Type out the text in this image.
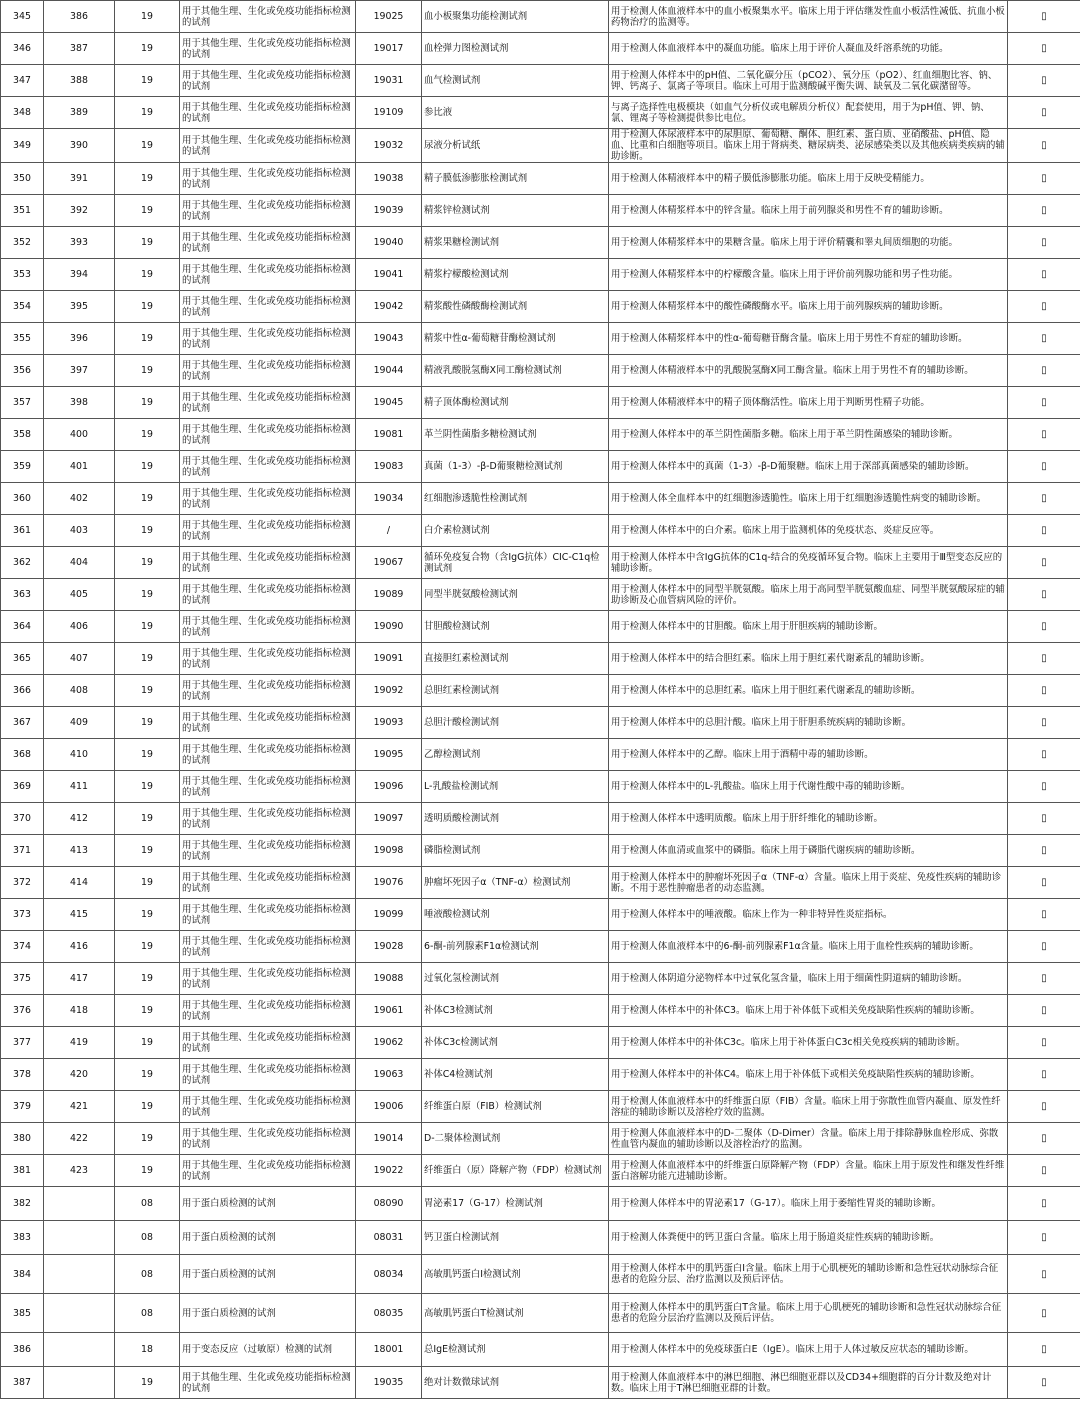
345	386	19	用于其他生理、生化或免疫功能指标检测的试剂	19025	血小板聚集功能检测试剂	用于检测人体血液样本中的血小板聚集水平。临床上用于评估继发性血小板活性减低、抗血小板药物治疗的监测等。	▯
346	387	19	用于其他生理、生化或免疫功能指标检测的试剂	19017	血栓弹力图检测试剂	用于检测人体血液样本中的凝血功能。临床上用于评价人凝血及纤溶系统的功能。	▯
347	388	19	用于其他生理、生化或免疫功能指标检测的试剂	19031	血气检测试剂	用于检测人体样本中的pH值、二氧化碳分压（pCO2）、氧分压（pO2）、红血细胞比容、钠、钾、钙离子、氯离子等项目。临床上可用于监测酸碱平衡失调、缺氧及二氧化碳潴留等。	▯
348	389	19	用于其他生理、生化或免疫功能指标检测的试剂	19109	参比液	与离子选择性电极模块（如血气分析仪或电解质分析仪）配套使用，用于为pH值、钾、钠、氯、锂离子等检测提供参比电位。	▯
349	390	19	用于其他生理、生化或免疫功能指标检测的试剂	19032	尿液分析试纸	用于检测人体尿液样本中的尿胆原、葡萄糖、酮体、胆红素、蛋白质、亚硝酸盐、pH值、隐血、比重和白细胞等项目。临床上用于肾病类、糖尿病类、泌尿感染类以及其他疾病类疾病的辅助诊断。	▯
350	391	19	用于其他生理、生化或免疫功能指标检测的试剂	19038	精子膜低渗膨胀检测试剂	用于检测人体精液样本中的精子膜低渗膨胀功能。临床上用于反映受精能力。	▯
351	392	19	用于其他生理、生化或免疫功能指标检测的试剂	19039	精浆锌检测试剂	用于检测人体精浆样本中的锌含量。临床上用于前列腺炎和男性不育的辅助诊断。	▯
352	393	19	用于其他生理、生化或免疫功能指标检测的试剂	19040	精浆果糖检测试剂	用于检测人体精浆样本中的果糖含量。临床上用于评价精囊和睾丸间质细胞的功能。	▯
353	394	19	用于其他生理、生化或免疫功能指标检测的试剂	19041	精浆柠檬酸检测试剂	用于检测人体精浆样本中的柠檬酸含量。临床上用于评价前列腺功能和男子性功能。	▯
354	395	19	用于其他生理、生化或免疫功能指标检测的试剂	19042	精浆酸性磷酸酶检测试剂	用于检测人体精浆样本中的酸性磷酸酶水平。临床上用于前列腺疾病的辅助诊断。	▯
355	396	19	用于其他生理、生化或免疫功能指标检测的试剂	19043	精浆中性α-葡萄糖苷酶检测试剂	用于检测人体精浆样本中的性α-葡萄糖苷酶含量。临床上用于男性不育症的辅助诊断。	▯
356	397	19	用于其他生理、生化或免疫功能指标检测的试剂	19044	精液乳酸脱氢酶X同工酶检测试剂	用于检测人体精液样本中的乳酸脱氢酶X同工酶含量。临床上用于男性不育的辅助诊断。	▯
357	398	19	用于其他生理、生化或免疫功能指标检测的试剂	19045	精子顶体酶检测试剂	用于检测人体精液样本中的精子顶体酶活性。临床上用于判断男性精子功能。	▯
358	400	19	用于其他生理、生化或免疫功能指标检测的试剂	19081	革兰阴性菌脂多糖检测试剂	用于检测人体样本中的革兰阴性菌脂多糖。临床上用于革兰阴性菌感染的辅助诊断。	▯
359	401	19	用于其他生理、生化或免疫功能指标检测的试剂	19083	真菌（1-3）-β-D葡聚糖检测试剂	用于检测人体样本中的真菌（1-3）-β-D葡聚糖。临床上用于深部真菌感染的辅助诊断。	▯
360	402	19	用于其他生理、生化或免疫功能指标检测的试剂	19034	红细胞渗透脆性检测试剂	用于检测人体全血样本中的红细胞渗透脆性。临床上用于红细胞渗透脆性病变的辅助诊断。	▯
361	403	19	用于其他生理、生化或免疫功能指标检测的试剂	/	白介素检测试剂	用于检测人体样本中的白介素。临床上用于监测机体的免疫状态、炎症反应等。	▯
362	404	19	用于其他生理、生化或免疫功能指标检测的试剂	19067	循环免疫复合物（含IgG抗体）CIC-C1q检测试剂	用于检测人体样本中含IgG抗体的C1q-结合的免疫循环复合物。临床上主要用于Ⅲ型变态反应的辅助诊断。	▯
363	405	19	用于其他生理、生化或免疫功能指标检测的试剂	19089	同型半胱氨酸检测试剂	用于检测人体样本中的同型半胱氨酸。临床上用于高同型半胱氨酸血症、同型半胱氨酸尿症的辅助诊断及心血管病风险的评价。	▯
364	406	19	用于其他生理、生化或免疫功能指标检测的试剂	19090	甘胆酸检测试剂	用于检测人体样本中的甘胆酸。临床上用于肝胆疾病的辅助诊断。	▯
365	407	19	用于其他生理、生化或免疫功能指标检测的试剂	19091	直接胆红素检测试剂	用于检测人体样本中的结合胆红素。临床上用于胆红素代谢紊乱的辅助诊断。	▯
366	408	19	用于其他生理、生化或免疫功能指标检测的试剂	19092	总胆红素检测试剂	用于检测人体样本中的总胆红素。临床上用于胆红素代谢紊乱的辅助诊断。	▯
367	409	19	用于其他生理、生化或免疫功能指标检测的试剂	19093	总胆汁酸检测试剂	用于检测人体样本中的总胆汁酸。临床上用于肝胆系统疾病的辅助诊断。	▯
368	410	19	用于其他生理、生化或免疫功能指标检测的试剂	19095	乙醇检测试剂	用于检测人体样本中的乙醇。临床上用于酒精中毒的辅助诊断。	▯
369	411	19	用于其他生理、生化或免疫功能指标检测的试剂	19096	L-乳酸盐检测试剂	用于检测人体样本中的L-乳酸盐。临床上用于代谢性酸中毒的辅助诊断。	▯
370	412	19	用于其他生理、生化或免疫功能指标检测的试剂	19097	透明质酸检测试剂	用于检测人体样本中透明质酸。临床上用于肝纤维化的辅助诊断。	▯
371	413	19	用于其他生理、生化或免疫功能指标检测的试剂	19098	磷脂检测试剂	用于检测人体血清或血浆中的磷脂。临床上用于磷脂代谢疾病的辅助诊断。	▯
372	414	19	用于其他生理、生化或免疫功能指标检测的试剂	19076	肿瘤坏死因子α（TNF-α）检测试剂	用于检测人体样本中的肿瘤坏死因子α（TNF-α）含量。临床上用于炎症、免疫性疾病的辅助诊断。不用于恶性肿瘤患者的动态监测。	▯
373	415	19	用于其他生理、生化或免疫功能指标检测的试剂	19099	唾液酸检测试剂	用于检测人体样本中的唾液酸。临床上作为一种非特异性炎症指标。	▯
374	416	19	用于其他生理、生化或免疫功能指标检测的试剂	19028	6-酮-前列腺素F1α检测试剂	用于检测人体血液样本中的6-酮-前列腺素F1α含量。临床上用于血栓性疾病的辅助诊断。	▯
375	417	19	用于其他生理、生化或免疫功能指标检测的试剂	19088	过氧化氢检测试剂	用于检测人体阴道分泌物样本中过氧化氢含量，临床上用于细菌性阴道病的辅助诊断。	▯
376	418	19	用于其他生理、生化或免疫功能指标检测的试剂	19061	补体C3检测试剂	用于检测人体样本中的补体C3。临床上用于补体低下或相关免疫缺陷性疾病的辅助诊断。	▯
377	419	19	用于其他生理、生化或免疫功能指标检测的试剂	19062	补体C3c检测试剂	用于检测人体样本中的补体C3c。临床上用于补体蛋白C3c相关免疫疾病的辅助诊断。	▯
378	420	19	用于其他生理、生化或免疫功能指标检测的试剂	19063	补体C4检测试剂	用于检测人体样本中的补体C4。临床上用于补体低下或相关免疫缺陷性疾病的辅助诊断。	▯
379	421	19	用于其他生理、生化或免疫功能指标检测的试剂	19006	纤维蛋白原（FIB）检测试剂	用于检测人体血液样本中的纤维蛋白原（FIB）含量。临床上用于弥散性血管内凝血、原发性纤溶症的辅助诊断以及溶栓疗效的监测。	▯
380	422	19	用于其他生理、生化或免疫功能指标检测的试剂	19014	D-二聚体检测试剂	用于检测人体血液样本中的D-二聚体（D-Dimer）含量。临床上用于排除静脉血栓形成、弥散性血管内凝血的辅助诊断以及溶栓治疗的监测。	▯
381	423	19	用于其他生理、生化或免疫功能指标检测的试剂	19022	纤维蛋白（原）降解产物（FDP）检测试剂	用于检测人体血液样本中的纤维蛋白原降解产物（FDP）含量。临床上用于原发性和继发性纤维蛋白溶解功能亢进辅助诊断。	▯
382		08	用于蛋白质检测的试剂	08090	胃泌素17（G-17）检测试剂	用于检测人体样本中的胃泌素17（G-17）。临床上用于萎缩性胃炎的辅助诊断。	▯
383		08	用于蛋白质检测的试剂	08031	钙卫蛋白检测试剂	用于检测人体粪便中的钙卫蛋白含量。临床上用于肠道炎症性疾病的辅助诊断。	▯
384		08	用于蛋白质检测的试剂	08034	高敏肌钙蛋白I检测试剂	用于检测人体样本中的肌钙蛋白I含量。临床上用于心肌梗死的辅助诊断和急性冠状动脉综合征患者的危险分层、治疗监测以及预后评估。	▯
385		08	用于蛋白质检测的试剂	08035	高敏肌钙蛋白T检测试剂	用于检测人体样本中的肌钙蛋白T含量。临床上用于心肌梗死的辅助诊断和急性冠状动脉综合征患者的危险分层治疗监测以及预后评估。	▯
386		18	用于变态反应（过敏原）检测的试剂	18001	总IgE检测试剂	用于检测人体样本中的免疫球蛋白E（IgE）。临床上用于人体过敏反应状态的辅助诊断。	▯
387		19	用于其他生理、生化或免疫功能指标检测的试剂	19035	绝对计数微球试剂	用于检测人体血液样本中的淋巴细胞、淋巴细胞亚群以及CD34+细胞群的百分计数及绝对计数。临床上用于T淋巴细胞亚群的计数。	▯
